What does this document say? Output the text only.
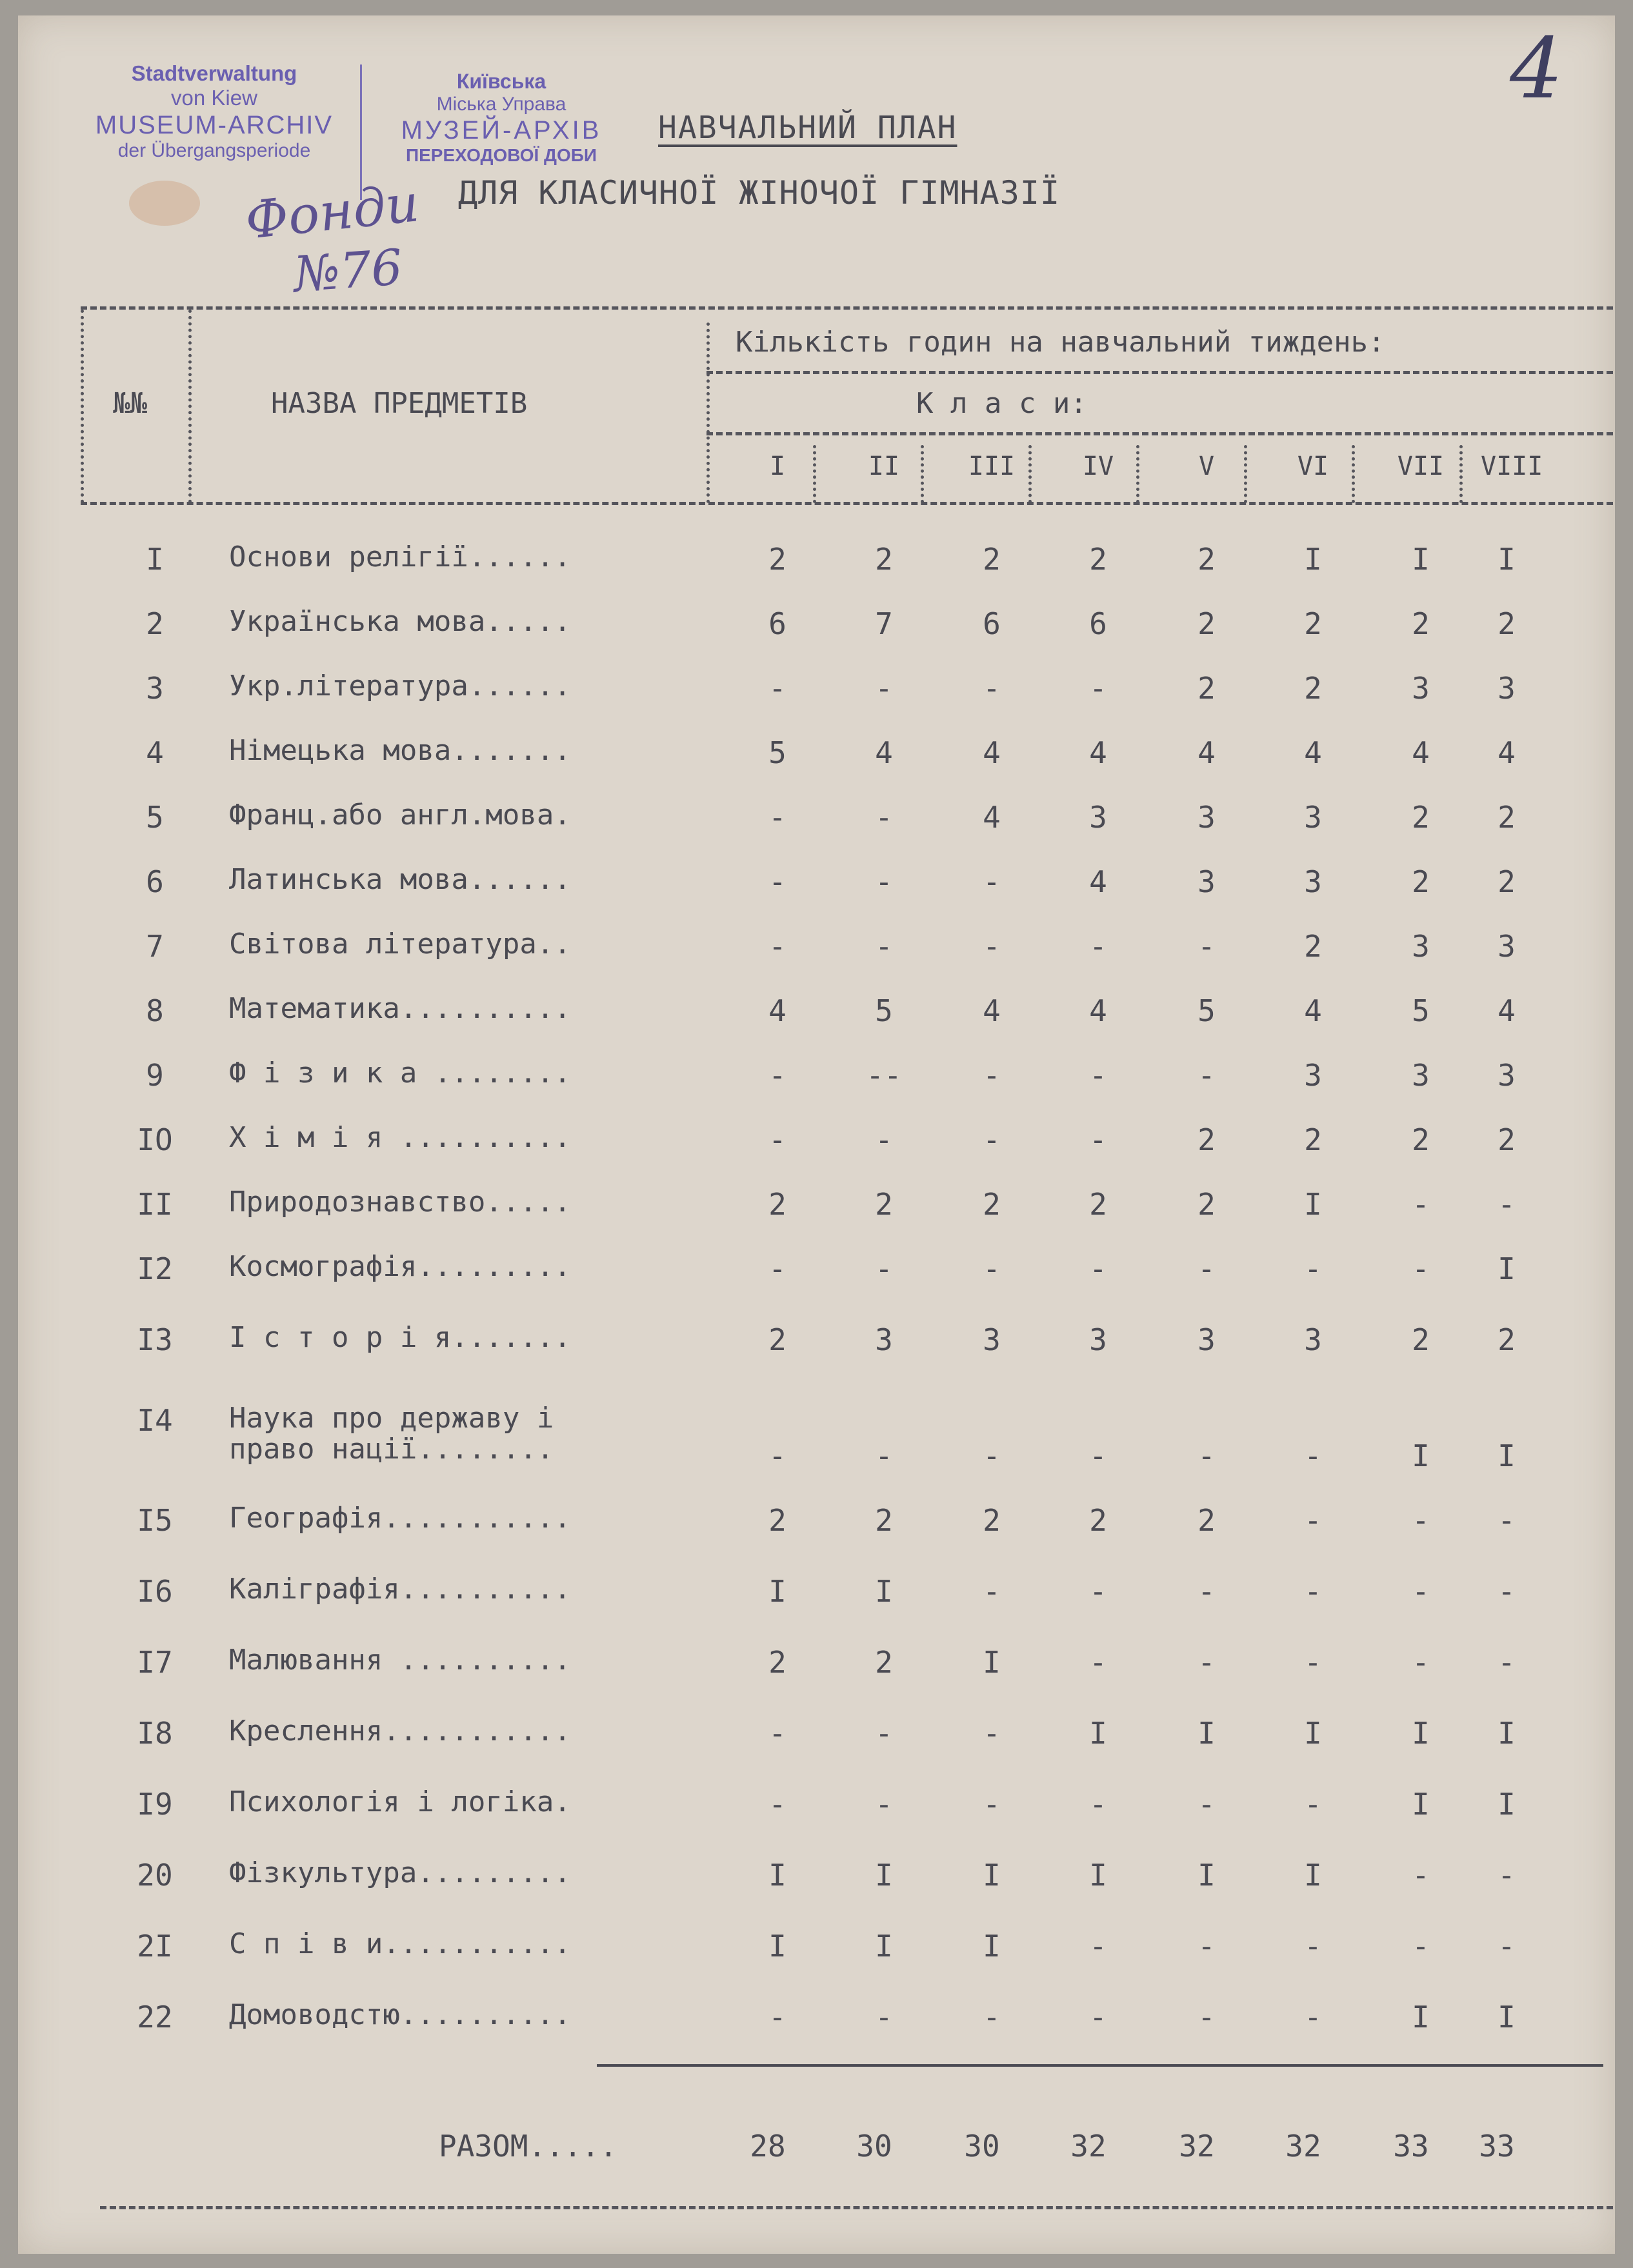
Stadtverwaltung
von Kiew
MUSEUM-ARCHIV
der Übergangsperiode
Київська
Міська Управа
МУЗЕЙ-АРХІВ
ПЕРЕХОДОВОЇ ДОБИ
Фонди
№76
4
НАВЧАЛЬНИЙ ПЛАН
ДЛЯ КЛАСИЧНОЇ ЖІНОЧОЇ ГІМНАЗІЇ
№№	НАЗВА ПРЕДМЕТІВ
Кількість годин на навчальний тиждень:
К л а с и:
I	II	III	IV	V	VI	VII VIII
I	Основи релігії......	2	2	2	2	2	I	I	I
2	Українська мова.....	6	7	6	6	2	2	2	2
3	Укр.література......	-	-	-	-	2	2	3	3
4	Німецька мова.......	5	4	4	4	4	4	4	4
5	Франц.або англ.мова.	-	-	4	3	3	3	2	2
6	Латинська мова......	-	-	-	4	3	3	2	2
7	Світова література..	-	-	-	-	-	2	3	3
8	Математика..........	4	5	4	4	5	4	5	4
9	Ф і з и к а ........	-	--	-	-	-	3	3	3
IO Х і м і я ..........	-	-	-	-	2	2	2	2
II Природознавство.....	2	2	2	2	2	I	-	-
I2 Космографія.........	-	-	-	-	-	-	-	I
I3 І с т о р і я.......	2	3	3	3	3	3	2	2
I4 Наука про державу і
право нації........	-	-	-	-	-	-	I	I
I5 Географія...........	2	2	2	2	2	-	-	-
I6 Каліграфія..........	I	I	-	-	-	-	-	-
I7 Малювання ..........	2	2	I	-	-	-	-	-
I8 Креслення...........	-	-	-	I	I	I	I	I
I9 Психологія і логіка.	-	-	-	-	-	-	I	I
20 Фізкультура.........	I	I	I	I	I	I	-	-
2I С п і в и...........	I	I	I	-	-	-	-	-
22 Домоводстю..........	-	-	-	-	-	-	I	I
РАЗОМ.....	28 30 30 32 32 32 33 33
